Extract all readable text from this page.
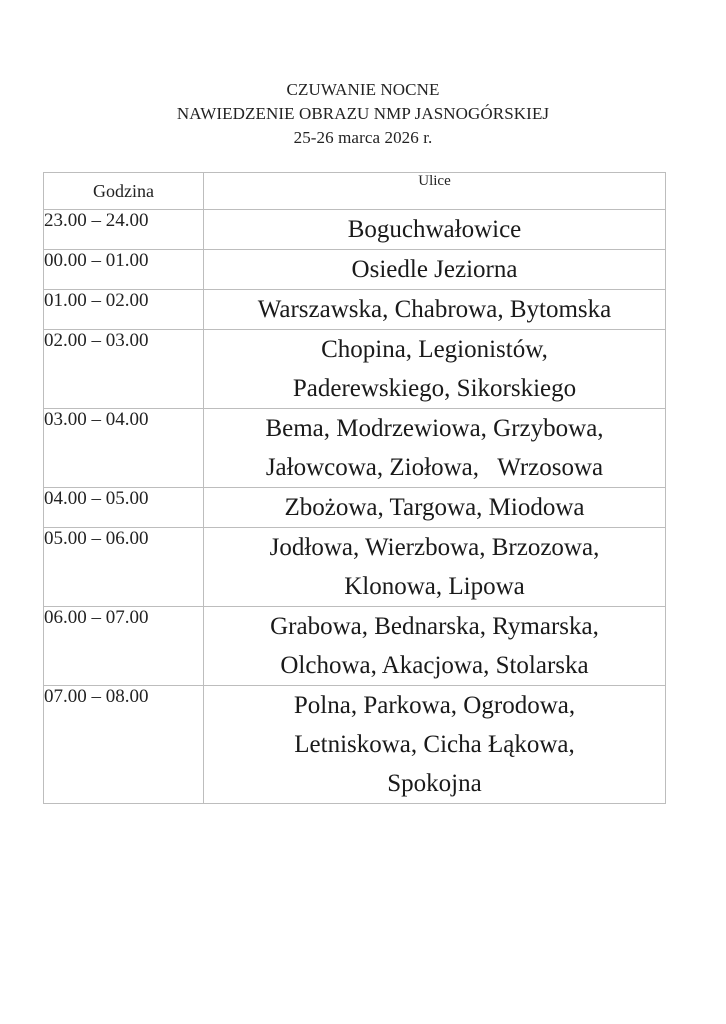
CZUWANIE NOCNE
NAWIEDZENIE OBRAZU NMP JASNOGÓRSKIEJ
25-26 marca 2026 r.
Godzina	Ulice
23.00 – 24.00	Boguchwałowice

00.00 – 01.00	Osiedle Jeziorna

01.00 – 02.00	Warszawska, Chabrowa, Bytomska

02.00 – 03.00	Chopina, Legionistów,
Paderewskiego, Sikorskiego

03.00 – 04.00	Bema, Modrzewiowa, Grzybowa,
Jałowcowa, Ziołowa,   Wrzosowa

04.00 – 05.00	Zbożowa, Targowa, Miodowa

05.00 – 06.00	Jodłowa, Wierzbowa, Brzozowa,
Klonowa, Lipowa

06.00 – 07.00	Grabowa, Bednarska, Rymarska,
Olchowa, Akacjowa, Stolarska

07.00 – 08.00	Polna, Parkowa, Ogrodowa,
Letniskowa, Cicha Łąkowa,
Spokojna
